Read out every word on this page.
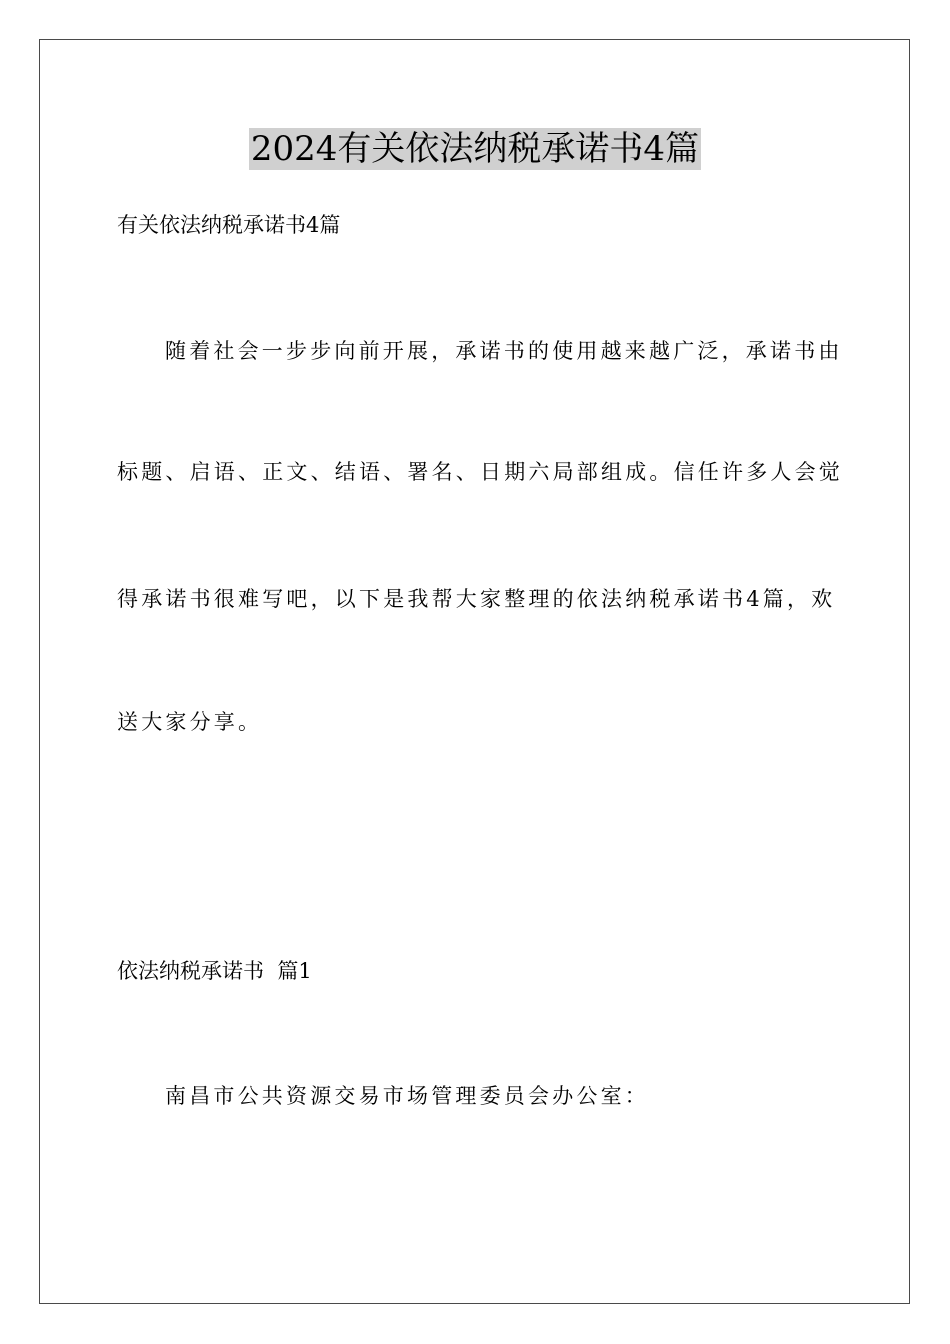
2024有关依法纳税承诺书4篇
有关依法纳税承诺书4篇
随着社会一步步向前开展，承诺书的使用越来越广泛，承诺书由
标题、启语、正文、结语、署名、日期六局部组成。信任许多人会觉
得承诺书很难写吧，以下是我帮大家整理的依法纳税承诺书4篇，欢
送大家分享。
依法纳税承诺书  篇1
南昌市公共资源交易市场管理委员会办公室：
